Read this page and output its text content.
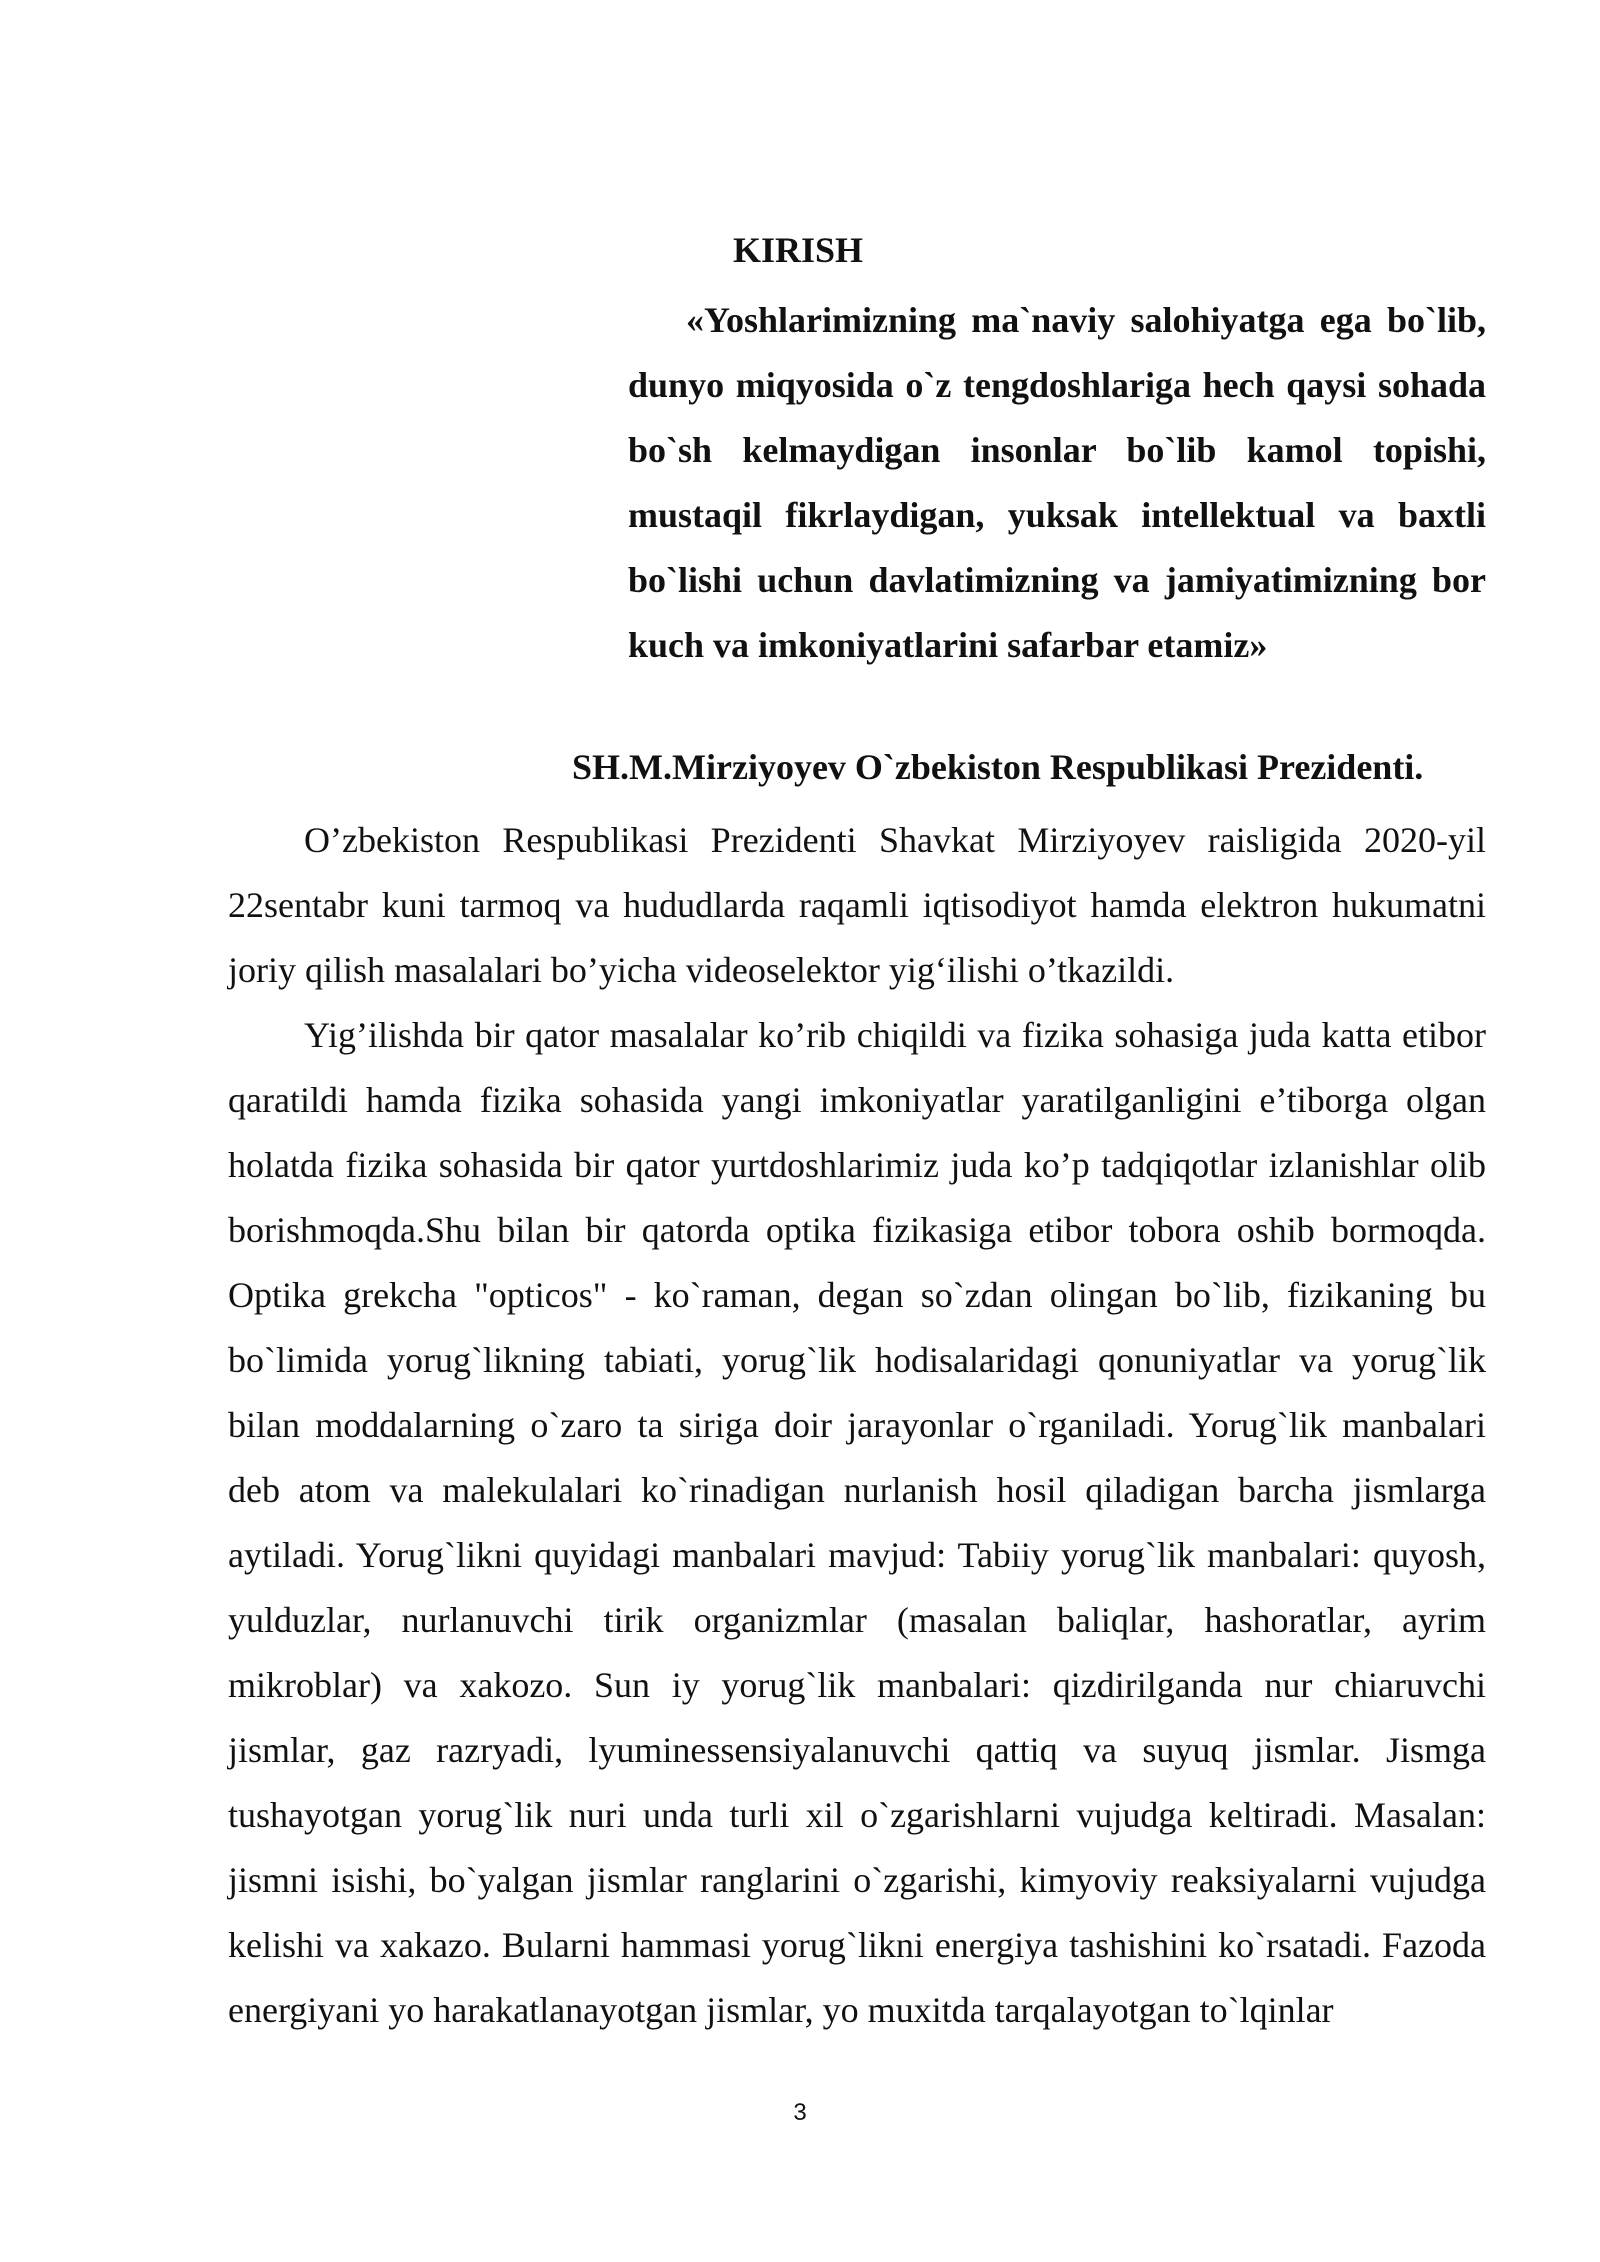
KIRISH

«Yoshlarimizning ma`naviy salohiyatga ega bo`lib, dunyo miqyosida o`z tengdoshlariga hech qaysi sohada bo`sh kelmaydigan insonlar bo`lib kamol topishi, mustaqil fikrlaydigan, yuksak intellektual va baxtli bo`lishi uchun davlatimizning va jamiyatimizning bor kuch va imkoniyatlarini safarbar etamiz»

SH.M.Mirziyoyev O`zbekiston Respublikasi Prezidenti.

O’zbekiston Respublikasi Prezidenti Shavkat Mirziyoyev raisligida 2020-yil 22sentabr kuni tarmoq va hududlarda raqamli iqtisodiyot hamda elektron hukumatni joriy qilish masalalari bo’yicha videoselektor yig‘ilishi o’tkazildi.

Yig’ilishda bir qator masalalar ko’rib chiqildi va fizika sohasiga juda katta etibor qaratildi hamda fizika sohasida yangi imkoniyatlar yaratilganligini e’tiborga olgan holatda fizika sohasida bir qator yurtdoshlarimiz juda ko’p tadqiqotlar izlanishlar olib borishmoqda.Shu bilan bir qatorda optika fizikasiga etibor tobora oshib bormoqda. Optika grekcha "opticos" - ko`raman, degan so`zdan olingan bo`lib, fizikaning bu bo`limida yorug`likning tabiati, yorug`lik hodisalaridagi qonuniyatlar va yorug`lik bilan moddalarning o`zaro ta siriga doir jarayonlar o`rganiladi. Yorug`lik manbalari deb atom va malekulalari ko`rinadigan nurlanish hosil qiladigan barcha jismlarga aytiladi. Yorug`likni quyidagi manbalari mavjud: Tabiiy yorug`lik manbalari: quyosh, yulduzlar, nurlanuvchi tirik organizmlar (masalan baliqlar, hashoratlar, ayrim mikroblar) va xakozo. Sun iy yorug`lik manbalari: qizdirilganda nur chiaruvchi jismlar, gaz razryadi, lyuminessensiyalanuvchi qattiq va suyuq jismlar. Jismga tushayotgan yorug`lik nuri unda turli xil o`zgarishlarni vujudga keltiradi. Masalan: jismni isishi, bo`yalgan jismlar ranglarini o`zgarishi, kimyoviy reaksiyalarni vujudga kelishi va xakazo. Bularni hammasi yorug`likni energiya tashishini ko`rsatadi. Fazoda energiyani yo harakatlanayotgan jismlar, yo muxitda tarqalayotgan to`lqinlar

3
